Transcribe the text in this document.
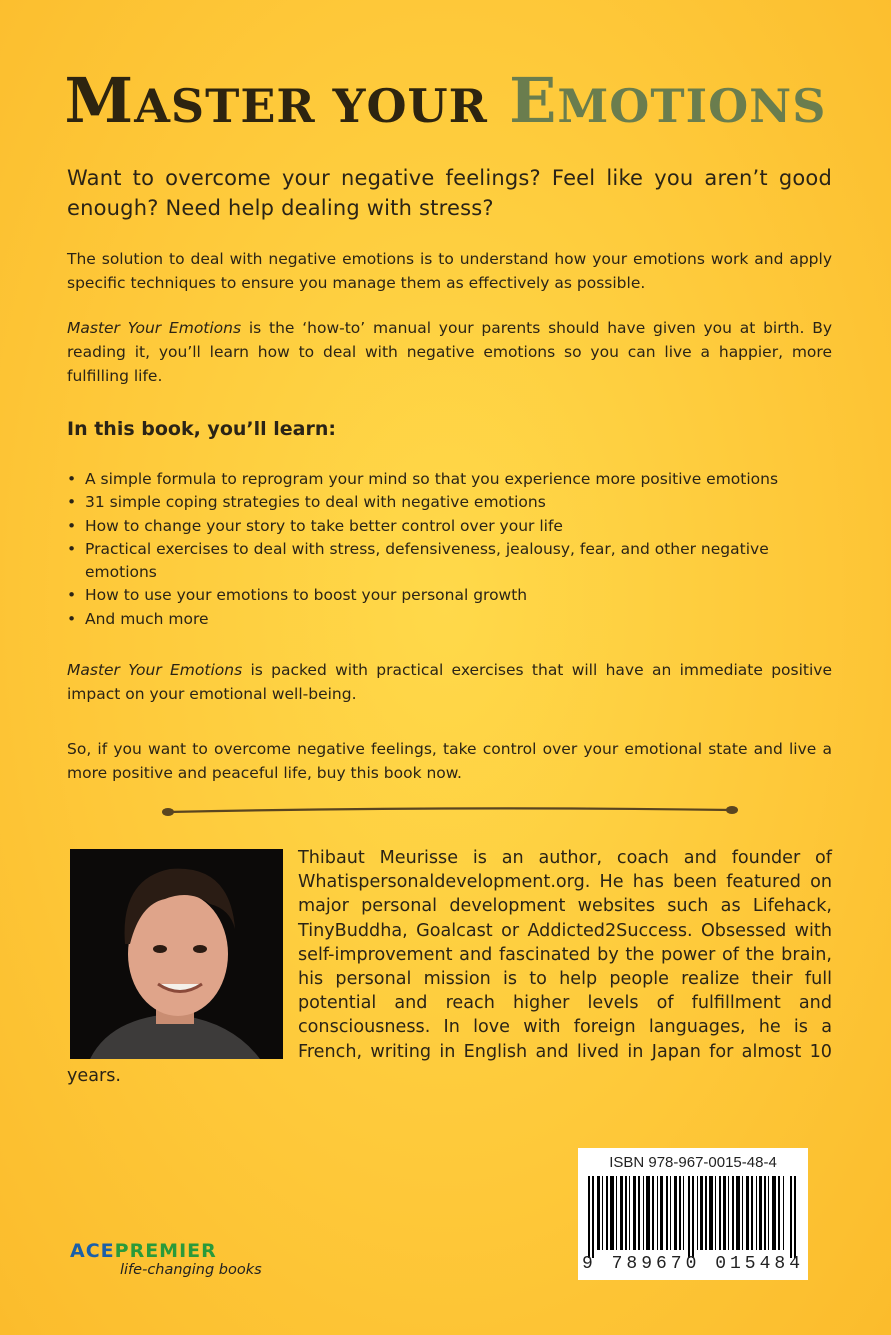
MASTER YOUR EMOTIONS
Want to overcome your negative feelings? Feel like you aren’t good enough? Need help dealing with stress?
The solution to deal with negative emotions is to understand how your emotions work and apply specific techniques to ensure you manage them as effectively as possible.
Master Your Emotions is the ‘how-to’ manual your parents should have given you at birth. By reading it, you’ll learn how to deal with negative emotions so you can live a happier, more fulfilling life.
In this book, you’ll learn:
• A simple formula to reprogram your mind so that you experience more positive emotions
• 31 simple coping strategies to deal with negative emotions
• How to change your story to take better control over your life
• Practical exercises to deal with stress, defensiveness, jealousy, fear, and other negative emotions
• How to use your emotions to boost your personal growth
• And much more
Master Your Emotions is packed with practical exercises that will have an immediate positive impact on your emotional well-being.
So, if you want to overcome negative feelings, take control over your emotional state and live a more positive and peaceful life, buy this book now.
Thibaut Meurisse is an author, coach and founder of Whatispersonaldevelopment.org. He has been featured on major personal development websites such as Lifehack, TinyBuddha, Goalcast or Addicted2Success. Obsessed with self-improvement and fascinated by the power of the brain, his personal mission is to help people realize their full potential and reach higher levels of fulfillment and consciousness. In love with foreign languages, he is a French, writing in English and lived in Japan for almost 10 years.
ISBN 978-967-0015-48-4
9 789670 015484
ACEPREMIER
life-changing books
